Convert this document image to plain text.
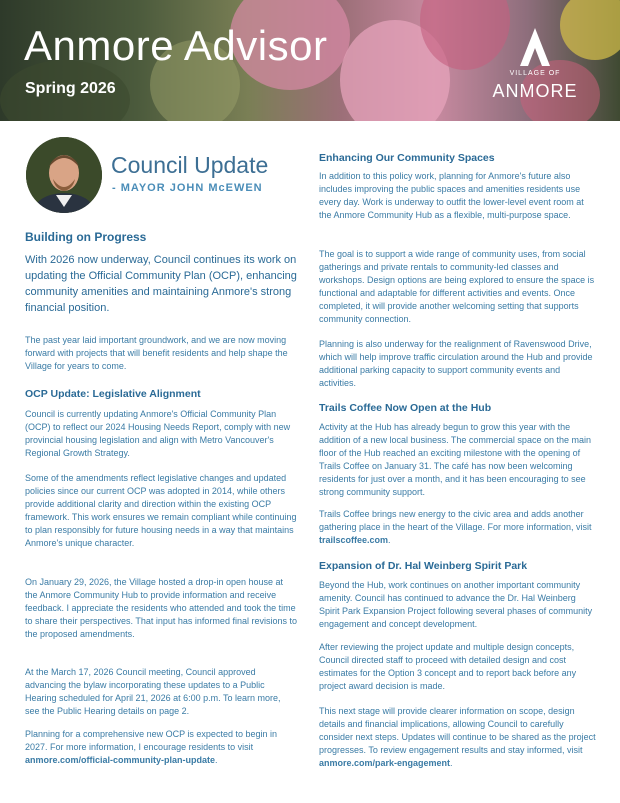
Anmore Advisor
Spring 2026
VILLAGE OF
ANMORE
Council Update
- MAYOR JOHN McEWEN
Building on Progress

With 2026 now underway, Council continues its work on updating the Official Community Plan (OCP), enhancing community amenities and maintaining Anmore's strong financial position.

The past year laid important groundwork, and we are now moving forward with projects that will benefit residents and help shape the Village for years to come.

OCP Update: Legislative Alignment

Council is currently updating Anmore's Official Community Plan (OCP) to reflect our 2024 Housing Needs Report, comply with new provincial housing legislation and align with Metro Vancouver's Regional Growth Strategy.

Some of the amendments reflect legislative changes and updated policies since our current OCP was adopted in 2014, while others provide additional clarity and direction within the existing OCP framework. This work ensures we remain compliant while continuing to plan responsibly for future housing needs in a way that maintains Anmore's unique character.

On January 29, 2026, the Village hosted a drop-in open house at the Anmore Community Hub to provide information and receive feedback. I appreciate the residents who attended and took the time to share their perspectives. That input has informed final revisions to the proposed amendments.

At the March 17, 2026 Council meeting, Council approved advancing the bylaw incorporating these updates to a Public Hearing scheduled for April 21, 2026 at 6:00 p.m. To learn more, see the Public Hearing details on page 2.

Planning for a comprehensive new OCP is expected to begin in 2027. For more information, I encourage residents to visit anmore.com/official-community-plan-update.

Enhancing Our Community Spaces

In addition to this policy work, planning for Anmore's future also includes improving the public spaces and amenities residents use every day. Work is underway to outfit the lower-level event room at the Anmore Community Hub as a flexible, multi-purpose space.

The goal is to support a wide range of community uses, from social gatherings and private rentals to community-led classes and workshops. Design options are being explored to ensure the space is functional and adaptable for different activities and events. Once completed, it will provide another welcoming setting that supports community connection.

Planning is also underway for the realignment of Ravenswood Drive, which will help improve traffic circulation around the Hub and provide additional parking capacity to support community events and activities.

Trails Coffee Now Open at the Hub

Activity at the Hub has already begun to grow this year with the addition of a new local business. The commercial space on the main floor of the Hub reached an exciting milestone with the opening of Trails Coffee on January 31. The café has now been welcoming residents for just over a month, and it has been encouraging to see strong community support.

Trails Coffee brings new energy to the civic area and adds another gathering place in the heart of the Village. For more information, visit trailscoffee.com.

Expansion of Dr. Hal Weinberg Spirit Park

Beyond the Hub, work continues on another important community amenity. Council has continued to advance the Dr. Hal Weinberg Spirit Park Expansion Project following several phases of community engagement and concept development.

After reviewing the project update and multiple design concepts, Council directed staff to proceed with detailed design and cost estimates for the Option 3 concept and to report back before any project award decision is made.

This next stage will provide clearer information on scope, design details and financial implications, allowing Council to carefully consider next steps. Updates will continue to be shared as the project progresses. To review engagement results and stay informed, visit anmore.com/park-engagement.
